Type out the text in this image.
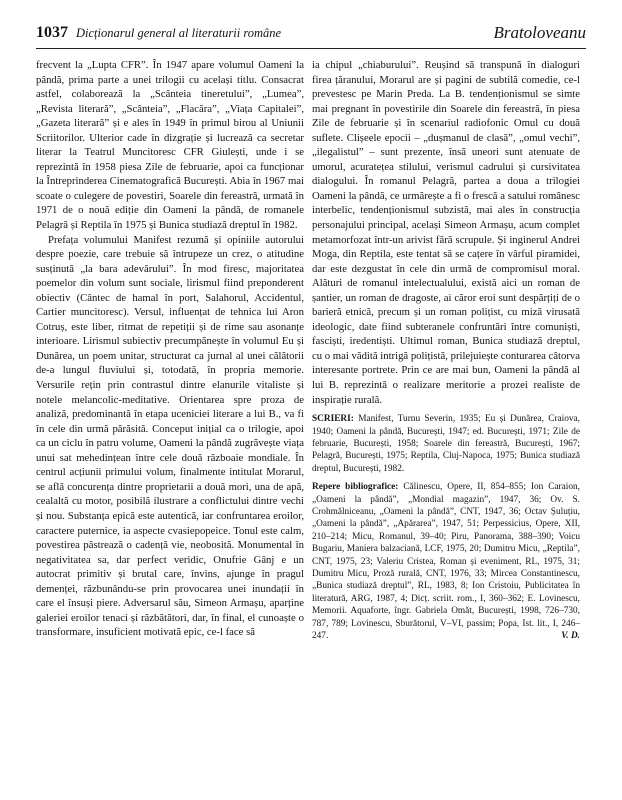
1037 Dicționarul general al literaturii române	Bratoloveanu

frecvent la „Lupta CFR”. În 1947 apare volumul Oameni la pândă, prima parte a unei trilogii cu același titlu. Consacrat astfel, colaborează la „Scânteia tineretului”, „Lumea”, „Revista literară”, „Scânteia”, „Flacăra”, „Viața Capitalei”, „Gazeta literară” și e ales în 1949 în primul birou al Uniunii Scriitorilor. Ulterior cade în dizgrație și lucrează ca secretar literar la Teatrul Muncitoresc CFR Giulești, unde i se reprezintă în 1958 piesa Zile de februarie, apoi ca funcționar la Întreprinderea Cinematografică București. Abia în 1967 mai scoate o culegere de povestiri, Soarele din fereastră, urmată în 1971 de o nouă ediție din Oameni la pândă, de romanele Pelagră și Reptila în 1975 și Bunica studiază dreptul în 1982.

Prefața volumului Manifest rezumă și opiniile autorului despre poezie, care trebuie să întrupeze un crez, o atitudine susținută „la bara adevărului”. În mod firesc, majoritatea poemelor din volum sunt sociale, lirismul fiind preponderent obiectiv (Cântec de hamal în port, Salahorul, Accidentul, Cartier muncitoresc). Versul, influențat de tehnica lui Aron Cotruș, este liber, ritmat de repetiții și de rime sau asonanțe interioare. Lirismul subiectiv precumpănește în volumul Eu și Dunărea, un poem unitar, structurat ca jurnal al unei călătorii de-a lungul fluviului și, totodată, în propria memorie. Versurile rețin prin contrastul dintre elanurile vitaliste și notele melancolic-meditative. Orientarea spre proza de analiză, predominantă în etapa uceniciei literare a lui B., va fi în cele din urmă părăsită. Conceput inițial ca o trilogie, apoi ca un ciclu în patru volume, Oameni la pândă zugrăvește viața unui sat mehedințean între cele două războaie mondiale. În centrul acțiunii primului volum, finalmente intitulat Morarul, se află concurența dintre proprietarii a două mori, una de apă, cealaltă cu motor, posibilă ilustrare a conflictului dintre vechi și nou. Substanța epică este autentică, iar confruntarea eroilor, caractere puternice, ia aspecte cvasiepopeice. Tonul este calm, povestirea păstrează o cadență vie, neobosită. Monumental în negativitatea sa, dar perfect veridic, Onufrie Gânj e un autocrat primitiv și brutal care, învins, ajunge în pragul demenței, răzbunându-se prin provocarea unei inundații în care el însuși piere. Adversarul său, Simeon Armașu, aparține galeriei eroilor tenaci și răzbătători, dar, în final, el cunoaște o transformare, insuficient motivată epic, ce-l face să

ia chipul „chiaburului”. Reușind să transpună în dialoguri firea țăranului, Morarul are și pagini de subtilă comedie, ce-l prevestesc pe Marin Preda. La B. tendenționismul se simte mai pregnant în povestirile din Soarele din fereastră, în piesa Zile de februarie și în scenariul radiofonic Omul cu două suflete. Clișeele epocii – „dușmanul de clasă”, „omul vechi”, „ilegalistul” – sunt prezente, însă uneori sunt atenuate de umorul, acuratețea stilului, verismul cadrului și cursivitatea dialogului. În romanul Pelagră, partea a doua a trilogiei Oameni la pândă, ce urmărește a fi o frescă a satului românesc interbelic, tendenționismul subzistă, mai ales în construcția personajului principal, același Simeon Armașu, acum complet metamorfozat într-un arivist fără scrupule. Și inginerul Andrei Moga, din Reptila, este tentat să se cațere în vârful piramidei, dar este dezgustat în cele din urmă de compromisul moral. Alături de romanul intelectualului, există aici un roman de șantier, un roman de dragoste, ai căror eroi sunt despărțiți de o barieră etnică, precum și un roman polițist, cu miză virusată ideologic, date fiind subteranele confruntări între comuniști, fasciști, iredentiști. Ultimul roman, Bunica studiază dreptul, cu o mai vădită intrigă polițistă, prilejuiește conturarea câtorva interesante portrete. Prin ce are mai bun, Oameni la pândă al lui B. reprezintă o realizare meritorie a prozei realiste de inspirație rurală.

SCRIERI: Manifest, Turnu Severin, 1935; Eu și Dunărea, Craiova, 1940; Oameni la pândă, București, 1947; ed. București, 1971; Zile de februarie, București, 1958; Soarele din fereastră, București, 1967; Pelagră, București, 1975; Reptila, Cluj-Napoca, 1975; Bunica studiază dreptul, București, 1982.

Repere bibliografice: Călinescu, Opere, II, 854–855; Ion Caraion, „Oameni la pândă”, „Mondial magazin”, 1947, 36; Ov. S. Crohmălniceanu, „Oameni la pândă”, CNT, 1947, 36; Octav Șuluțiu, „Oameni la pândă”, „Apărarea”, 1947, 51; Perpessicius, Opere, XII, 210–214; Micu, Romanul, 39–40; Piru, Panorama, 388–390; Voicu Bugariu, Maniera balzaciană, LCF, 1975, 20; Dumitru Micu, „Reptila”, CNT, 1975, 23; Valeriu Cristea, Roman și eveniment, RL, 1975, 31; Dumitru Micu, Proză rurală, CNT, 1976, 33; Mircea Constantinescu, „Bunica studiază dreptul”, RL, 1983, 8; Ion Cristoiu, Publicitatea în literatură, ARG, 1987, 4; Dicț. scriit. rom., I, 360–362; E. Lovinescu, Memorii. Aquaforte, îngr. Gabriela Omăt, București, 1998, 726–730, 787, 789; Lovinescu, Sburătorul, V–VI, passim; Popa, Ist. lit., I, 246–247.	V. D.
